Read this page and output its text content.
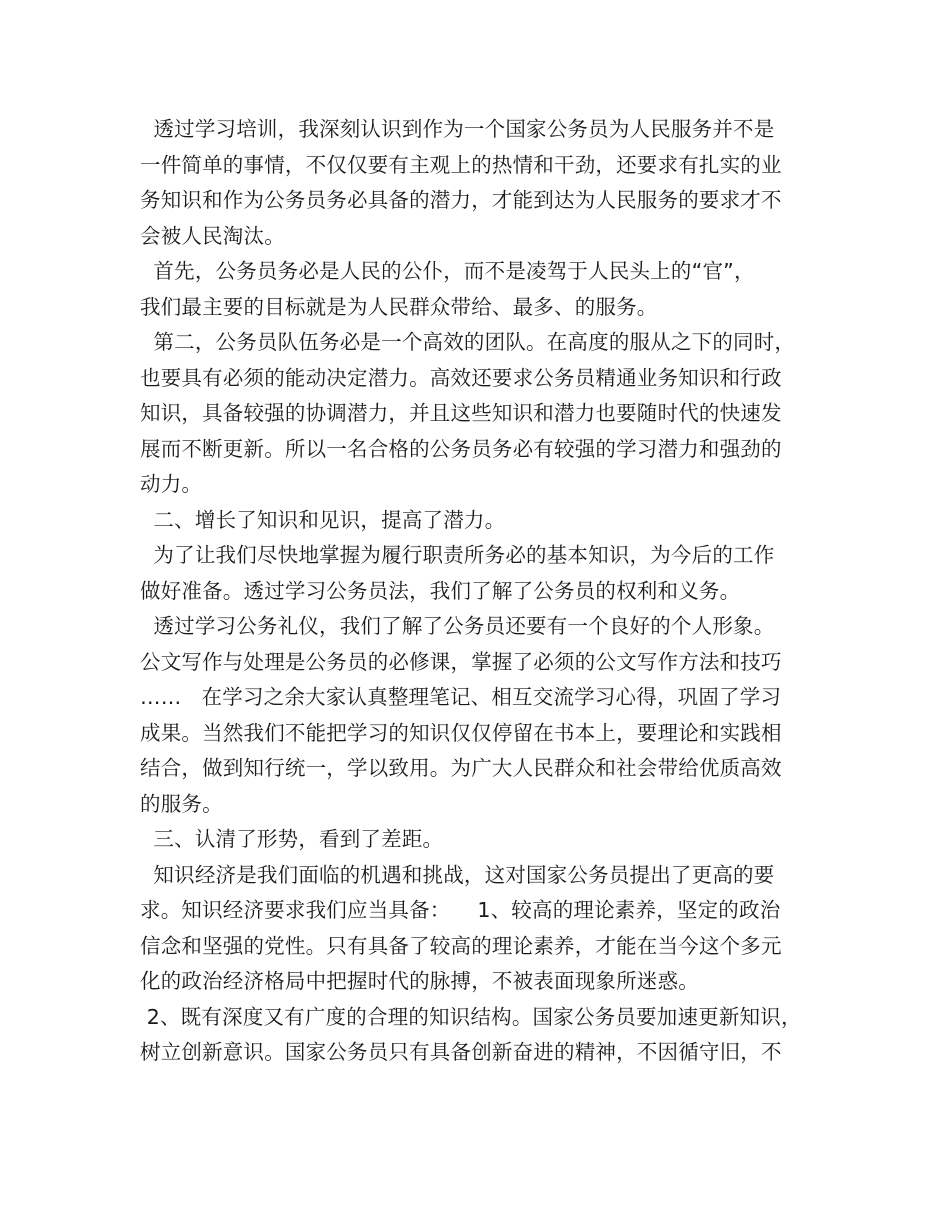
透过学习培训，我深刻认识到作为一个国家公务员为人民服务并不是
一件简单的事情，不仅仅要有主观上的热情和干劲，还要求有扎实的业
务知识和作为公务员务必具备的潜力，才能到达为人民服务的要求才不
会被人民淘汰。
首先，公务员务必是人民的公仆，而不是凌驾于人民头上的“官”，
我们最主要的目标就是为人民群众带给、最多、的服务。
第二，公务员队伍务必是一个高效的团队。在高度的服从之下的同时，
也要具有必须的能动决定潜力。高效还要求公务员精通业务知识和行政
知识，具备较强的协调潜力，并且这些知识和潜力也要随时代的快速发
展而不断更新。所以一名合格的公务员务必有较强的学习潜力和强劲的
动力。
二、增长了知识和见识，提高了潜力。
为了让我们尽快地掌握为履行职责所务必的基本知识，为今后的工作
做好准备。透过学习公务员法，我们了解了公务员的权利和义务。
透过学习公务礼仪，我们了解了公务员还要有一个良好的个人形象。
公文写作与处理是公务员的必修课，掌握了必须的公文写作方法和技巧
……   在学习之余大家认真整理笔记、相互交流学习心得，巩固了学习
成果。当然我们不能把学习的知识仅仅停留在书本上，要理论和实践相
结合，做到知行统一，学以致用。为广大人民群众和社会带给优质高效
的服务。
三、认清了形势，看到了差距。
知识经济是我们面临的机遇和挑战，这对国家公务员提出了更高的要
求。知识经济要求我们应当具备：    1、较高的理论素养，坚定的政治
信念和坚强的党性。只有具备了较高的理论素养，才能在当今这个多元
化的政治经济格局中把握时代的脉搏，不被表面现象所迷惑。
2、既有深度又有广度的合理的知识结构。国家公务员要加速更新知识，
树立创新意识。国家公务员只有具备创新奋进的精神，不因循守旧，不
